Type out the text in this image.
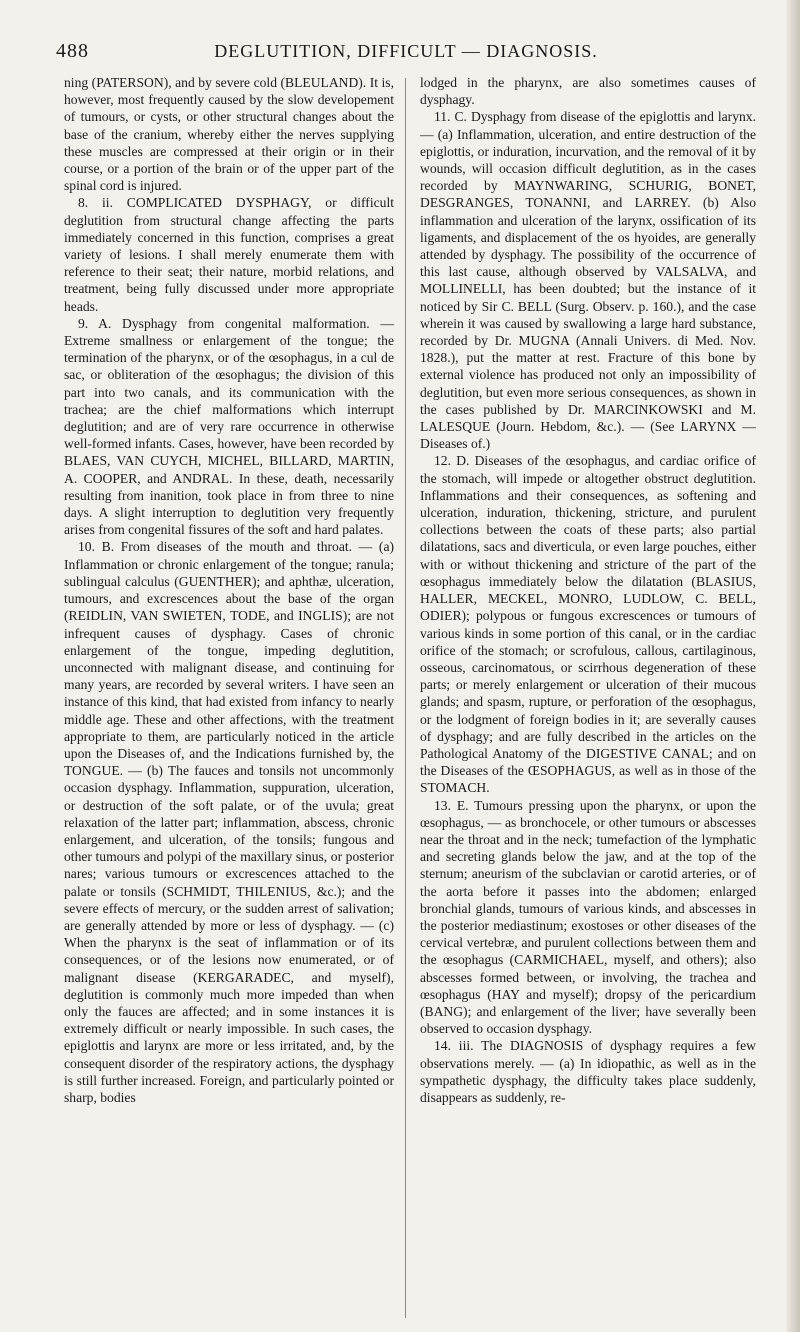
488	DEGLUTITION, DIFFICULT — DIAGNOSIS.

ning (PATERSON), and by severe cold (BLEULAND). It is, however, most frequently caused by the slow developement of tumours, or cysts, or other structural changes about the base of the cranium, whereby either the nerves supplying these muscles are compressed at their origin or in their course, or a portion of the brain or of the upper part of the spinal cord is injured.

8. ii. COMPLICATED DYSPHAGY, or difficult deglutition from structural change affecting the parts immediately concerned in this function, comprises a great variety of lesions. I shall merely enumerate them with reference to their seat; their nature, morbid relations, and treatment, being fully discussed under more appropriate heads.

9. A. Dysphagy from congenital malformation. — Extreme smallness or enlargement of the tongue; the termination of the pharynx, or of the œsophagus, in a cul de sac, or obliteration of the œsophagus; the division of this part into two canals, and its communication with the trachea; are the chief malformations which interrupt deglutition; and are of very rare occurrence in otherwise well-formed infants. Cases, however, have been recorded by BLAES, VAN CUYCH, MICHEL, BILLARD, MARTIN, A. COOPER, and ANDRAL. In these, death, necessarily resulting from inanition, took place in from three to nine days. A slight interruption to deglutition very frequently arises from congenital fissures of the soft and hard palates.

10. B. From diseases of the mouth and throat. — (a) Inflammation or chronic enlargement of the tongue; ranula; sublingual calculus (GUENTHER); and aphthæ, ulceration, tumours, and excrescences about the base of the organ (REIDLIN, VAN SWIETEN, TODE, and INGLIS); are not infrequent causes of dysphagy. Cases of chronic enlargement of the tongue, impeding deglutition, unconnected with malignant disease, and continuing for many years, are recorded by several writers. I have seen an instance of this kind, that had existed from infancy to nearly middle age. These and other affections, with the treatment appropriate to them, are particularly noticed in the article upon the Diseases of, and the Indications furnished by, the TONGUE. — (b) The fauces and tonsils not uncommonly occasion dysphagy. Inflammation, suppuration, ulceration, or destruction of the soft palate, or of the uvula; great relaxation of the latter part; inflammation, abscess, chronic enlargement, and ulceration, of the tonsils; fungous and other tumours and polypi of the maxillary sinus, or posterior nares; various tumours or excrescences attached to the palate or tonsils (SCHMIDT, THILENIUS, &c.); and the severe effects of mercury, or the sudden arrest of salivation; are generally attended by more or less of dysphagy. — (c) When the pharynx is the seat of inflammation or of its consequences, or of the lesions now enumerated, or of malignant disease (KERGARADEC, and myself), deglutition is commonly much more impeded than when only the fauces are affected; and in some instances it is extremely difficult or nearly impossible. In such cases, the epiglottis and larynx are more or less irritated, and, by the consequent disorder of the respiratory actions, the dysphagy is still further increased. Foreign, and particularly pointed or sharp, bodies

lodged in the pharynx, are also sometimes causes of dysphagy.

11. C. Dysphagy from disease of the epiglottis and larynx. — (a) Inflammation, ulceration, and entire destruction of the epiglottis, or induration, incurvation, and the removal of it by wounds, will occasion difficult deglutition, as in the cases recorded by MAYNWARING, SCHURIG, BONET, DESGRANGES, TONANNI, and LARREY. (b) Also inflammation and ulceration of the larynx, ossification of its ligaments, and displacement of the os hyoides, are generally attended by dysphagy. The possibility of the occurrence of this last cause, although observed by VALSALVA, and MOLLINELLI, has been doubted; but the instance of it noticed by Sir C. BELL (Surg. Observ. p. 160.), and the case wherein it was caused by swallowing a large hard substance, recorded by Dr. MUGNA (Annali Univers. di Med. Nov. 1828.), put the matter at rest. Fracture of this bone by external violence has produced not only an impossibility of deglutition, but even more serious consequences, as shown in the cases published by Dr. MARCINKOWSKI and M. LALESQUE (Journ. Hebdom, &c.). — (See LARYNX — Diseases of.)

12. D. Diseases of the œsophagus, and cardiac orifice of the stomach, will impede or altogether obstruct deglutition. Inflammations and their consequences, as softening and ulceration, induration, thickening, stricture, and purulent collections between the coats of these parts; also partial dilatations, sacs and diverticula, or even large pouches, either with or without thickening and stricture of the part of the œsophagus immediately below the dilatation (BLASIUS, HALLER, MECKEL, MONRO, LUDLOW, C. BELL, ODIER); polypous or fungous excrescences or tumours of various kinds in some portion of this canal, or in the cardiac orifice of the stomach; or scrofulous, callous, cartilaginous, osseous, carcinomatous, or scirrhous degeneration of these parts; or merely enlargement or ulceration of their mucous glands; and spasm, rupture, or perforation of the œsophagus, or the lodgment of foreign bodies in it; are severally causes of dysphagy; and are fully described in the articles on the Pathological Anatomy of the DIGESTIVE CANAL; and on the Diseases of the ŒSOPHAGUS, as well as in those of the STOMACH.

13. E. Tumours pressing upon the pharynx, or upon the œsophagus, — as bronchocele, or other tumours or abscesses near the throat and in the neck; tumefaction of the lymphatic and secreting glands below the jaw, and at the top of the sternum; aneurism of the subclavian or carotid arteries, or of the aorta before it passes into the abdomen; enlarged bronchial glands, tumours of various kinds, and abscesses in the posterior mediastinum; exostoses or other diseases of the cervical vertebræ, and purulent collections between them and the œsophagus (CARMICHAEL, myself, and others); also abscesses formed between, or involving, the trachea and œsophagus (HAY and myself); dropsy of the pericardium (BANG); and enlargement of the liver; have severally been observed to occasion dysphagy.

14. iii. The DIAGNOSIS of dysphagy requires a few observations merely. — (a) In idiopathic, as well as in the sympathetic dysphagy, the difficulty takes place suddenly, disappears as suddenly, re-
